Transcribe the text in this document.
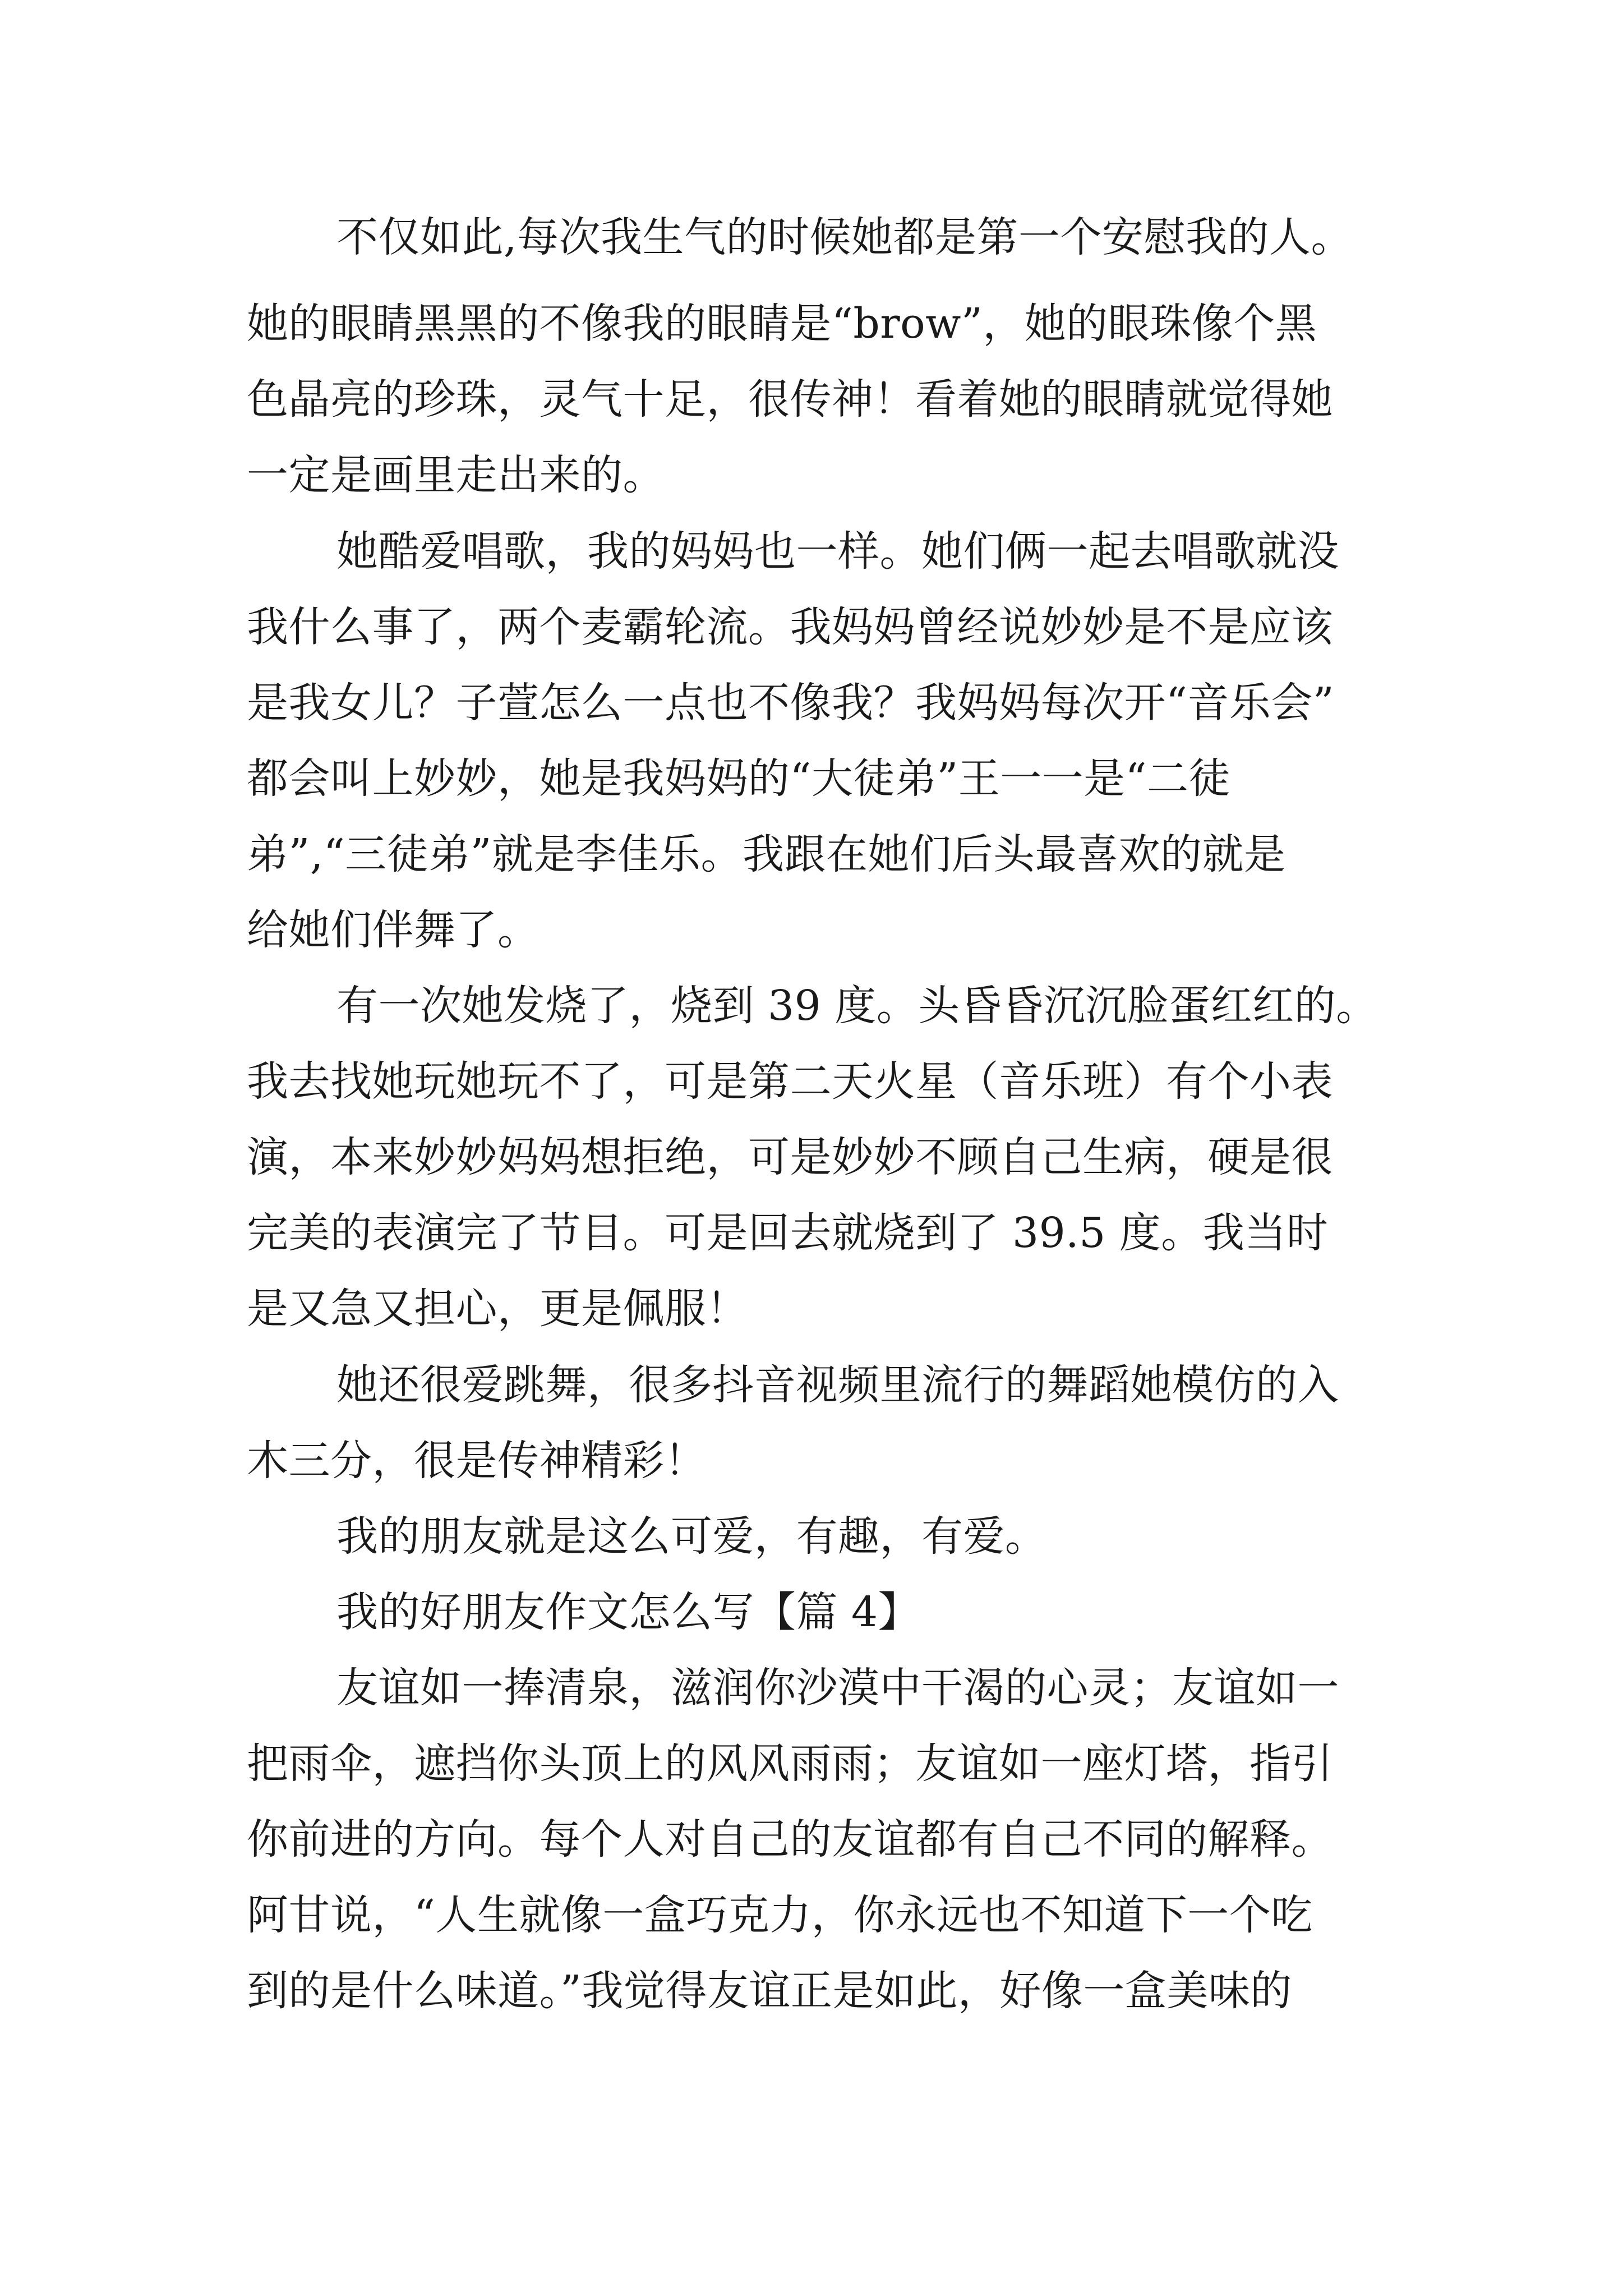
不仅如此,每次我生气的时候她都是第一个安慰我的人。
她的眼睛黑黑的不像我的眼睛是“brow”，她的眼珠像个黑
色晶亮的珍珠，灵气十足，很传神！看着她的眼睛就觉得她
一定是画里走出来的。
她酷爱唱歌，我的妈妈也一样。她们俩一起去唱歌就没
我什么事了，两个麦霸轮流。我妈妈曾经说妙妙是不是应该
是我女儿？子萱怎么一点也不像我？我妈妈每次开“音乐会”
都会叫上妙妙，她是我妈妈的“大徒弟”王一一是“二徒
弟”,“三徒弟”就是李佳乐。我跟在她们后头最喜欢的就是
给她们伴舞了。
有一次她发烧了，烧到 39 度。头昏昏沉沉脸蛋红红的。
我去找她玩她玩不了，可是第二天火星（音乐班）有个小表
演，本来妙妙妈妈想拒绝，可是妙妙不顾自己生病，硬是很
完美的表演完了节目。可是回去就烧到了 39.5 度。我当时
是又急又担心，更是佩服！
她还很爱跳舞，很多抖音视频里流行的舞蹈她模仿的入
木三分，很是传神精彩！
我的朋友就是这么可爱，有趣，有爱。
我的好朋友作文怎么写【篇 4】
友谊如一捧清泉，滋润你沙漠中干渴的心灵；友谊如一
把雨伞，遮挡你头顶上的风风雨雨；友谊如一座灯塔，指引
你前进的方向。每个人对自己的友谊都有自己不同的解释。
阿甘说，“人生就像一盒巧克力，你永远也不知道下一个吃
到的是什么味道。”我觉得友谊正是如此，好像一盒美味的
